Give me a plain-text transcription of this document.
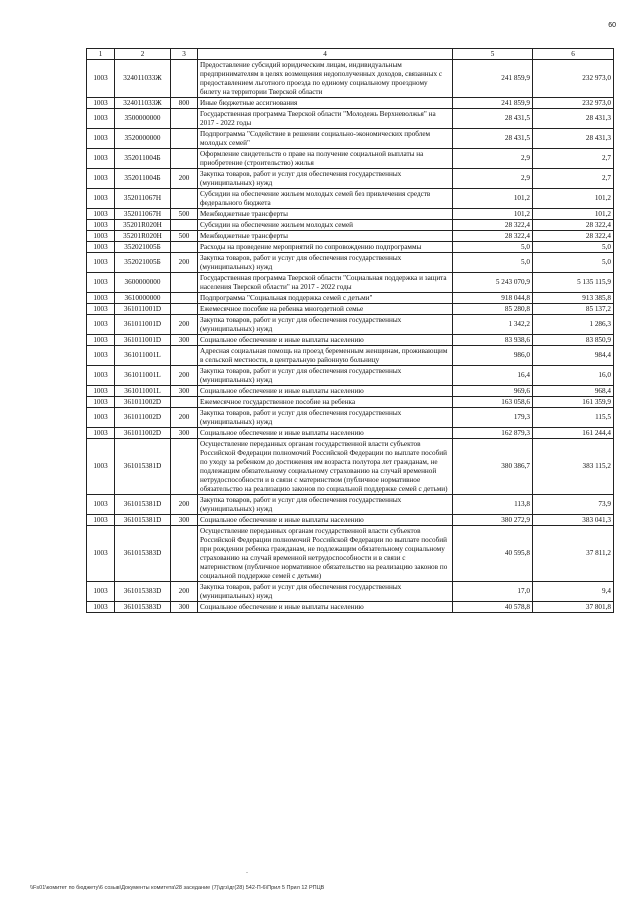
60
1	2	3	4	5	6
1003	324011033Ж		Предоставление субсидий юридическим лицам, индивидуальным предпринимателям в целях возмещения недополученных доходов, связанных с предоставлением льготного проезда по единому социальному проездному билету на территории Тверской области	241 859,9	232 973,0
1003	324011033Ж	800	Иные бюджетные ассигнования	241 859,9	232 973,0
1003	3500000000		Государственная программа Тверской области "Молодежь Верхневолжья" на 2017 - 2022 годы	28 431,5	28 431,3
1003	3520000000		Подпрограмма "Содействие в решении социально-экономических проблем молодых семей"	28 431,5	28 431,3
1003	352011004Б		Оформление свидетельств о праве на получение социальной выплаты на приобретение (строительство) жилья	2,9	2,7
1003	352011004Б	200	Закупка товаров, работ и услуг для обеспечения государственных (муниципальных) нужд	2,9	2,7
1003	352011067Н		Субсидии на обеспечение жильем молодых семей без привлечения средств федерального бюджета	101,2	101,2
1003	352011067Н	500	Межбюджетные трансферты	101,2	101,2
1003	35201R020Н		Субсидии на обеспечение жильем молодых семей	28 322,4	28 322,4
1003	35201R020Н	500	Межбюджетные трансферты	28 322,4	28 322,4
1003	352021005Б		Расходы на проведение мероприятий по сопровождению подпрограммы	5,0	5,0
1003	352021005Б	200	Закупка товаров, работ и услуг для обеспечения государственных (муниципальных) нужд	5,0	5,0
1003	3600000000		Государственная программа Тверской области "Социальная поддержка и защита населения Тверской области" на 2017 - 2022 годы	5 243 070,9	5 135 115,9
1003	3610000000		Подпрограмма "Социальная поддержка семей с детьми"	918 044,8	913 385,8
1003	361011001D		Ежемесячное пособие на ребенка многодетной семье	85 280,8	85 137,2
1003	361011001D	200	Закупка товаров, работ и услуг для обеспечения государственных (муниципальных) нужд	1 342,2	1 286,3
1003	361011001D	300	Социальное обеспечение и иные выплаты населению	83 938,6	83 850,9
1003	361011001L		Адресная социальная помощь на проезд беременным женщинам, проживающим в сельской местности, в центральную районную больницу	986,0	984,4
1003	361011001L	200	Закупка товаров, работ и услуг для обеспечения государственных (муниципальных) нужд	16,4	16,0
1003	361011001L	300	Социальное обеспечение и иные выплаты населению	969,6	968,4
1003	361011002D		Ежемесячное государственное пособие на ребенка	163 058,6	161 359,9
1003	361011002D	200	Закупка товаров, работ и услуг для обеспечения государственных (муниципальных) нужд	179,3	115,5
1003	361011002D	300	Социальное обеспечение и иные выплаты населению	162 879,3	161 244,4
1003	361015381D		Осуществление переданных органам государственной власти субъектов Российской Федерации полномочий Российской Федерации по выплате пособий по уходу за ребенком до достижения им возраста полутора лет гражданам, не подлежащим обязательному социальному страхованию на случай временной нетрудоспособности и в связи с материнством (публичное нормативное обязательство на реализацию законов по социальной поддержке семей с детьми)	380 386,7	383 115,2
1003	361015381D	200	Закупка товаров, работ и услуг для обеспечения государственных (муниципальных) нужд	113,8	73,9
1003	361015381D	300	Социальное обеспечение и иные выплаты населению	380 272,9	383 041,3
1003	361015383D		Осуществление переданных органам государственной власти субъектов Российской Федерации полномочий Российской Федерации по выплате пособий при рождении ребенка гражданам, не подлежащим обязательному социальному страхованию на случай временной нетрудоспособности и в связи с материнством (публичное нормативное обязательство на реализацию законов по социальной поддержке семей с детьми)	40 595,8	37 811,2
1003	361015383D	200	Закупка товаров, работ и услуг для обеспечения государственных (муниципальных) нужд	17,0	9,4
1003	361015383D	300	Социальное обеспечение и иные выплаты населению	40 578,8	37 801,8
-
\\Fs01\комитет по бюджету\6 созыв\Документы комитета\28 заседание (7)\дгз\дг(28) 542-П-6\Прил 5 Прил 12 РПЦВ
